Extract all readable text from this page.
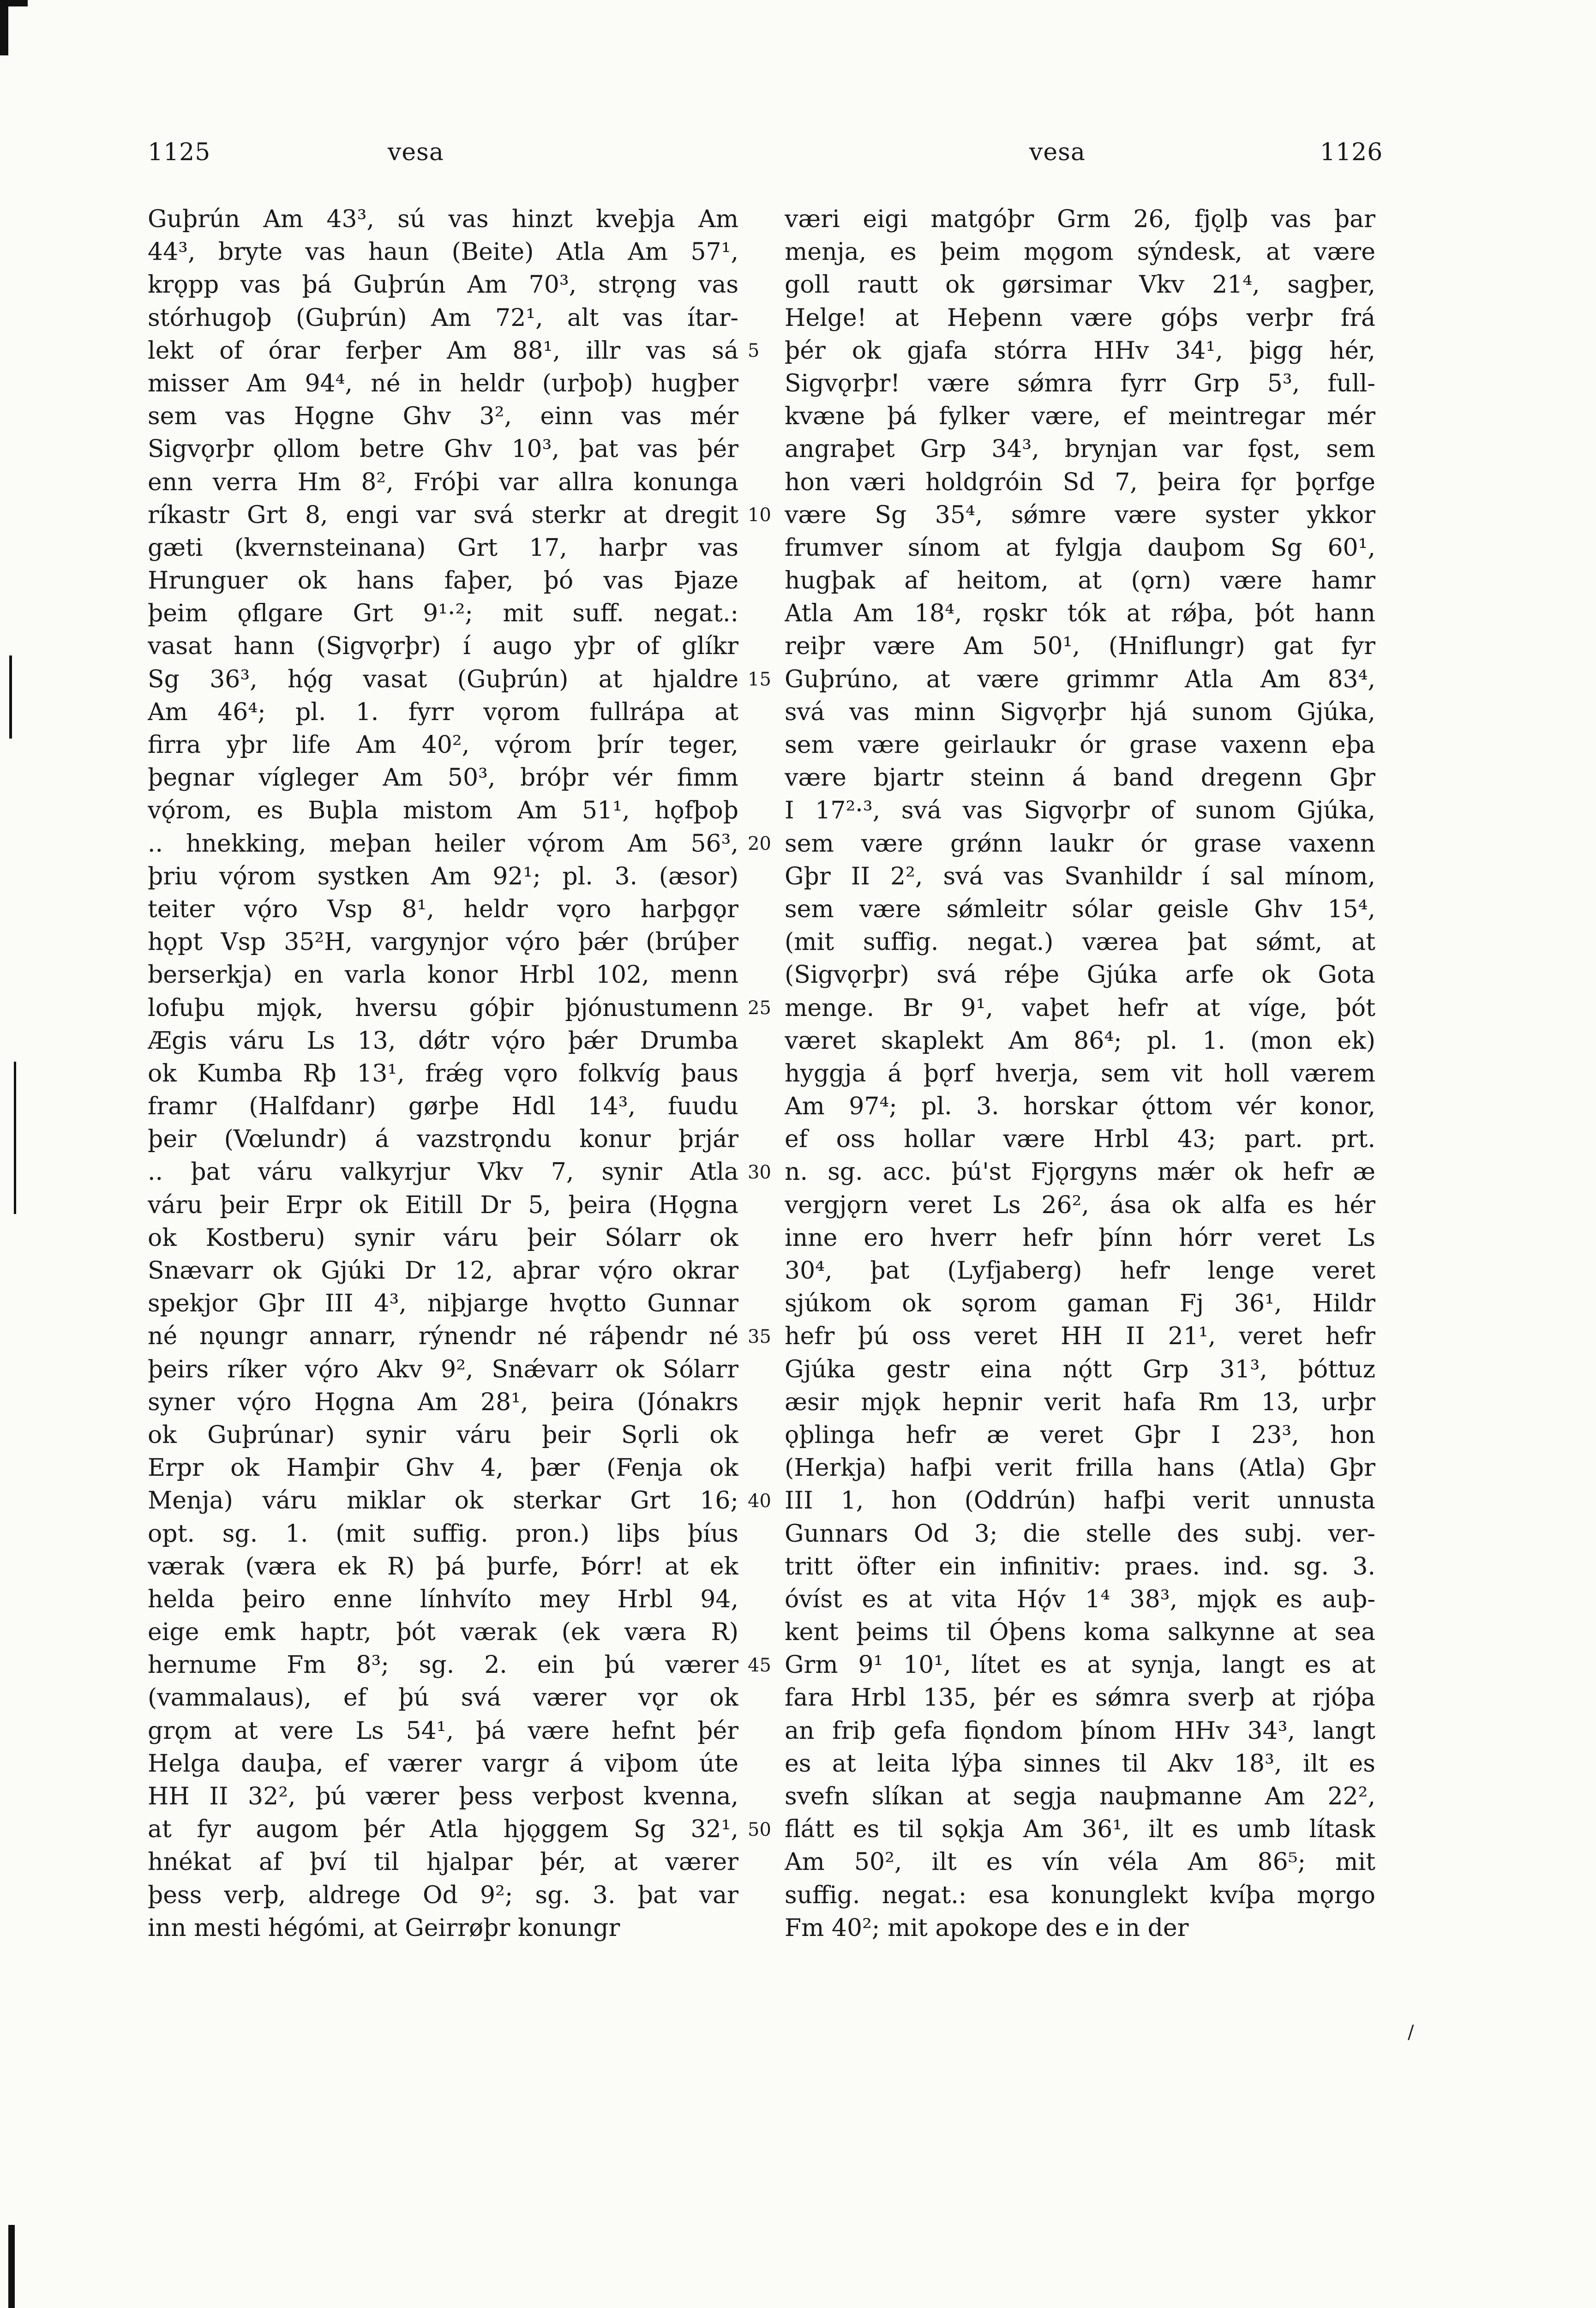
1125	vesa	vesa	1126
Guþrún Am 43³, sú vas hinzt kveþja Am
44³, bryte vas haun (Beite) Atla Am 57¹,
krǫpp vas þá Guþrún Am 70³, strǫng vas
stórhugoþ (Guþrún) Am 72¹, alt vas ítar-
lekt of órar ferþer Am 88¹, illr vas sá
misser Am 94⁴, né in heldr (urþoþ) hugþer
sem vas Hǫgne Ghv 3², einn vas mér
Sigvǫrþr ǫllom betre Ghv 10³, þat vas þér
enn verra Hm 8², Fróþi var allra konunga
ríkastr Grt 8, engi var svá sterkr at dregit
gæti (kvernsteinana) Grt 17, harþr vas
Hrunguer ok hans faþer, þó vas Þjaze
þeim ǫflgare Grt 9¹·²; mit suff. negat.:
vasat hann (Sigvǫrþr) í augo yþr of glíkr
Sg 36³, hǫ́g vasat (Guþrún) at hjaldre
Am 46⁴; pl. 1. fyrr vǫrom fullrápa at
firra yþr life Am 40², vǫ́rom þrír teger,
þegnar vígleger Am 50³, bróþr vér fimm
vǫ́rom, es Buþla mistom Am 51¹, hǫfþoþ
.. hnekking, meþan heiler vǫ́rom Am 56³,
þriu vǫ́rom systken Am 92¹; pl. 3. (æsor)
teiter vǫ́ro Vsp 8¹, heldr vǫro harþgǫr
hǫpt Vsp 35²H, vargynjor vǫ́ro þǽr (brúþer
berserkja) en varla konor Hrbl 102, menn
lofuþu mjǫk, hversu góþir þjónustumenn
Ægis váru Ls 13, dǿtr vǫ́ro þǽr Drumba
ok Kumba Rþ 13¹, frǽg vǫro folkvíg þaus
framr (Halfdanr) gørþe Hdl 14³, fuudu
þeir (Vœlundr) á vazstrǫndu konur þrjár
.. þat váru valkyrjur Vkv 7, synir Atla
váru þeir Erpr ok Eitill Dr 5, þeira (Hǫgna
ok Kostberu) synir váru þeir Sólarr ok
Snævarr ok Gjúki Dr 12, aþrar vǫ́ro okrar
spekjor Gþr III 4³, niþjarge hvǫtto Gunnar
né nǫungr annarr, rýnendr né ráþendr né
þeirs ríker vǫ́ro Akv 9², Snǽvarr ok Sólarr
syner vǫ́ro Hǫgna Am 28¹, þeira (Jónakrs
ok Guþrúnar) synir váru þeir Sǫrli ok
Erpr ok Hamþir Ghv 4, þær (Fenja ok
Menja) váru miklar ok sterkar Grt 16;
opt. sg. 1. (mit suffig. pron.) liþs þíus
værak (væra ek R) þá þurfe, Þórr! at ek
helda þeiro enne línhvíto mey Hrbl 94,
eige emk haptr, þót værak (ek væra R)
hernume Fm 8³; sg. 2. ein þú værer
(vammalaus), ef þú svá værer vǫr ok
grǫm at vere Ls 54¹, þá være hefnt þér
Helga dauþa, ef værer vargr á viþom úte
HH II 32², þú værer þess verþost kvenna,
at fyr augom þér Atla hjǫggem Sg 32¹,
hnékat af því til hjalpar þér, at værer
þess verþ, aldrege Od 9²; sg. 3. þat var
inn mesti hégómi, at Geirrøþr konungr
5
10
15
20
25
30
35
40
45
50
væri eigi matgóþr Grm 26, fjǫlþ vas þar
menja, es þeim mǫgom sýndesk, at være
goll rautt ok gørsimar Vkv 21⁴, sagþer,
Helge! at Heþenn være góþs verþr frá
þér ok gjafa stórra HHv 34¹, þigg hér,
Sigvǫrþr! være sǿmra fyrr Grp 5³, full-
kvæne þá fylker være, ef meintregar mér
angraþet Grp 34³, brynjan var fǫst, sem
hon væri holdgróin Sd 7, þeira fǫr þǫrfge
være Sg 35⁴, sǿmre være syster ykkor
frumver sínom at fylgja dauþom Sg 60¹,
hugþak af heitom, at (ǫrn) være hamr
Atla Am 18⁴, rǫskr tók at rǿþa, þót hann
reiþr være Am 50¹, (Hniflungr) gat fyr
Guþrúno, at være grimmr Atla Am 83⁴,
svá vas minn Sigvǫrþr hjá sunom Gjúka,
sem være geirlaukr ór grase vaxenn eþa
være bjartr steinn á band dregenn Gþr
I 17²·³, svá vas Sigvǫrþr of sunom Gjúka,
sem være grǿnn laukr ór grase vaxenn
Gþr II 2², svá vas Svanhildr í sal mínom,
sem være sǿmleitr sólar geisle Ghv 15⁴,
(mit suffig. negat.) værea þat sǿmt, at
(Sigvǫrþr) svá réþe Gjúka arfe ok Gota
menge. Br 9¹, vaþet hefr at víge, þót
været skaplekt Am 86⁴; pl. 1. (mon ek)
hyggja á þǫrf hverja, sem vit holl værem
Am 97⁴; pl. 3. horskar ǫ́ttom vér konor,
ef oss hollar være Hrbl 43; part. prt.
n. sg. acc. þú'st Fjǫrgyns mǽr ok hefr æ
vergjǫrn veret Ls 26², ása ok alfa es hér
inne ero hverr hefr þínn hórr veret Ls
30⁴, þat (Lyfjaberg) hefr lenge veret
sjúkom ok sǫrom gaman Fj 36¹, Hildr
hefr þú oss veret HH II 21¹, veret hefr
Gjúka gestr eina nǫ́tt Grp 31³, þóttuz
æsir mjǫk hepnir verit hafa Rm 13, urþr
ǫþlinga hefr æ veret Gþr I 23³, hon
(Herkja) hafþi verit frilla hans (Atla) Gþr
III 1, hon (Oddrún) hafþi verit unnusta
Gunnars Od 3; die stelle des subj. ver-
tritt öfter ein infinitiv: praes. ind. sg. 3.
óvíst es at vita Hǫ́v 1⁴ 38³, mjǫk es auþ-
kent þeims til Óþens koma salkynne at sea
Grm 9¹ 10¹, lítet es at synja, langt es at
fara Hrbl 135, þér es sǿmra sverþ at rjóþa
an friþ gefa fiǫndom þínom HHv 34³, langt
es at leita lýþa sinnes til Akv 18³, ilt es
svefn slíkan at segja nauþmanne Am 22²,
flátt es til sǫkja Am 36¹, ilt es umb lítask
Am 50², ilt es vín véla Am 86⁵; mit
suffig. negat.: esa konunglekt kvíþa mǫrgo
Fm 40²; mit apokope des e in der
/
